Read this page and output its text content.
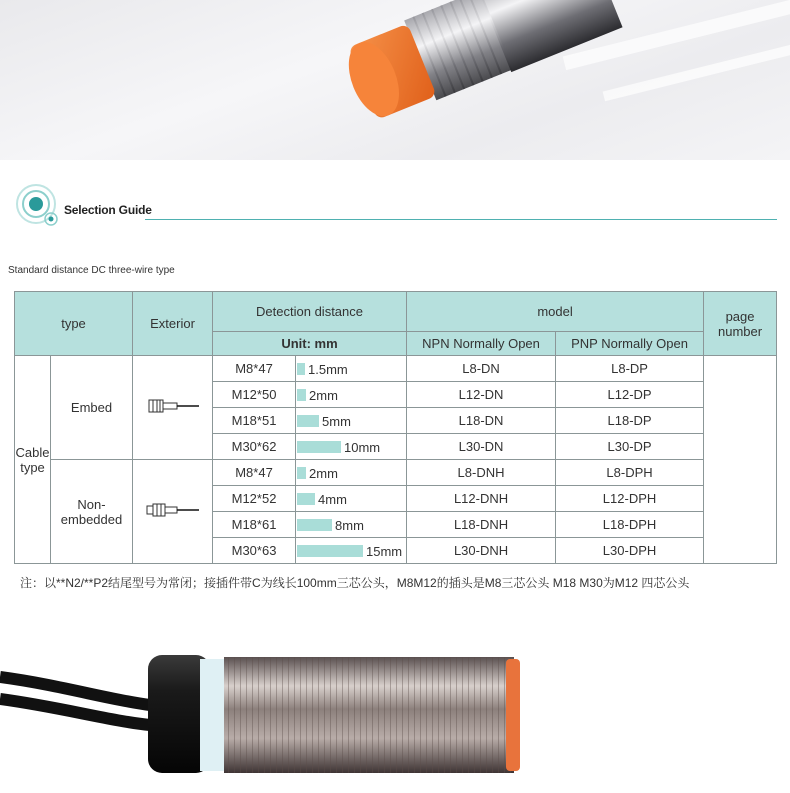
Selection Guide
Standard distance DC three-wire type
type		Exterior	Detection distance		model		page number
			Unit: mm		NPN Normally Open	PNP Normally Open	
Cable type	Embed		M8*47	1.5mm	L8-DN	L8-DP	
			M12*50	2mm	L12-DN	L12-DP	
			M18*51	5mm	L18-DN	L18-DP	
			M30*62	10mm	L30-DN	L30-DP	
	Non-embedded		M8*47	2mm	L8-DNH	L8-DPH	
			M12*52	4mm	L12-DNH	L12-DPH	
			M18*61	8mm	L18-DNH	L18-DPH	
			M30*63	15mm	L30-DNH	L30-DPH	
注：以**N2/**P2结尾型号为常闭；接插件带C为线长100mm三芯公头，M8M12的插头是M8三芯公头 M18 M30为M12 四芯公头
